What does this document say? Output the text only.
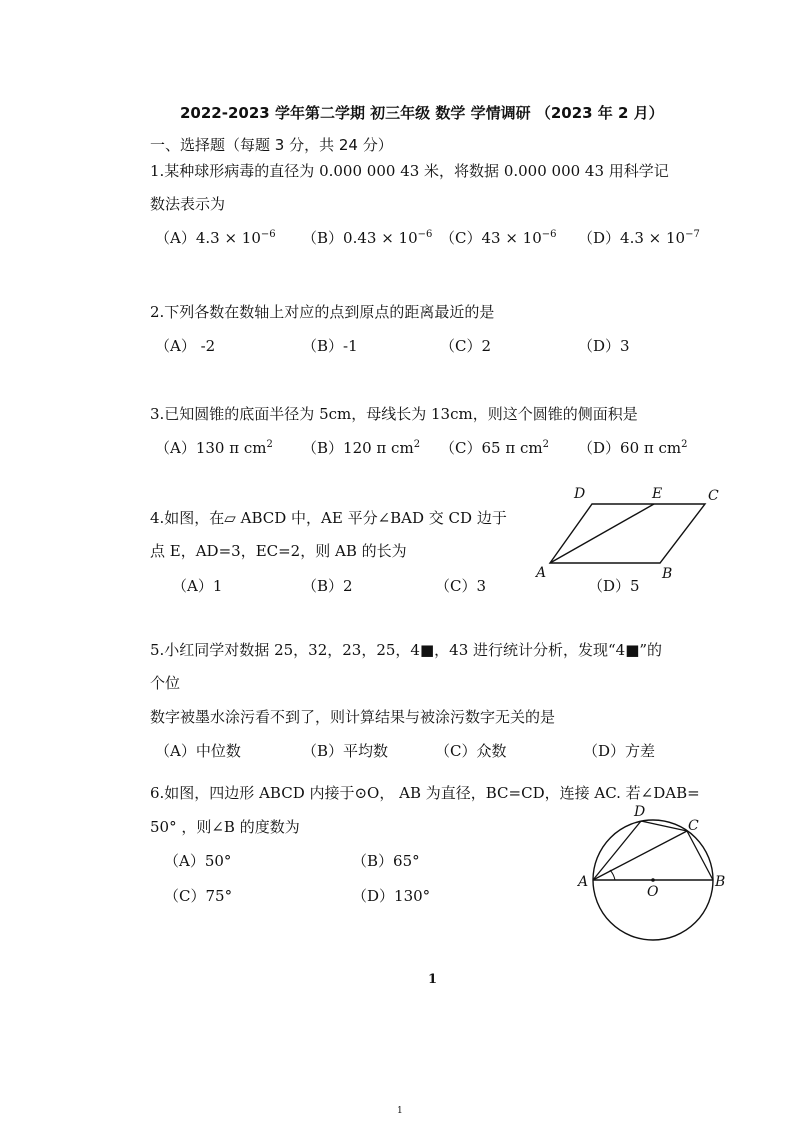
2022-2023 学年第二学期 初三年级 数学 学情调研 （2023 年 2 月）
一、选择题（每题 3 分，共 24 分）
1.某种球形病毒的直径为 0.000 000 43 米，将数据 0.000 000 43 用科学记
数法表示为
$(A)4.3 \times 10^{-6}$ $(B)0.43 \times 10^{-6}$ $(C)43 \times 10^{-6}$ $(D)4.3 \times 10^{-7}$
2.下列各数在数轴上对应的点到原点的距离最近的是
（A） -2	（B）-1	（C）2	（D）3
3.已知圆锥的底面半径为 5cm，母线长为 13cm，则这个圆锥的侧面积是
（A）130 π $cm^2$ （B）120 π $cm^2$ （C）65 π $cm^2$ （D）60 π $cm^2$
4.如图，在▱ ABCD 中，AE 平分∠BAD 交 CD 边于
点 E，AD=3，EC=2，则 AB 的长为
（A）1	（B）2	（C）3	（D）5
D	E	C
A	B
5.小红同学对数据 25，32，23，25，4■，43 进行统计分析，发现“4■”的
个位
数字被墨水涂污看不到了，则计算结果与被涂污数字无关的是
（A）中位数	（B）平均数	（C）众数	（D）方差
6.如图，四边形 ABCD 内接于⊙O， AB 为直径，BC=CD，连接 AC. 若∠DAB=
50° ，则∠B 的度数为
（A）50°	（B）65°
（C）75°	（D）130°
D
C
A	B
O
1
1
